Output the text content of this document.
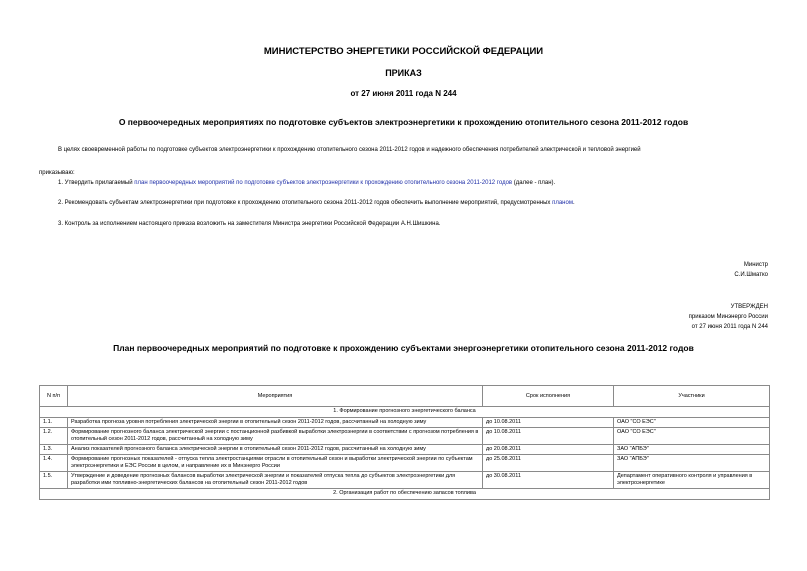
МИНИСТЕРСТВО ЭНЕРГЕТИКИ РОССИЙСКОЙ ФЕДЕРАЦИИ
ПРИКАЗ
от 27 июня 2011 года N 244
О первоочередных мероприятиях по подготовке субъектов электроэнергетики к прохождению отопительного сезона 2011-2012 годов
В целях своевременной работы по подготовке субъектов электроэнергетики к прохождению отопительного сезона 2011-2012 годов и надежного обеспечения потребителей электрической и тепловой энергией
приказываю:
1. Утвердить прилагаемый план первоочередных мероприятий по подготовке субъектов электроэнергетики к прохождению отопительного сезона 2011-2012 годов (далее - план).
2. Рекомендовать субъектам электроэнергетики при подготовке к прохождению отопительного сезона 2011-2012 годов обеспечить выполнение мероприятий, предусмотренных планом.
3. Контроль за исполнением настоящего приказа возложить на заместителя Министра энергетики Российской Федерации А.Н.Шишкина.
Министр
С.И.Шматко
УТВЕРЖДЕН
приказом Минэнерго России
от 27 июня 2011 года N 244
План первоочередных мероприятий по подготовке к прохождению субъектами энергоэнергетики отопительного сезона 2011-2012 годов
N п/п	Мероприятия	Срок исполнения	Участники
1. Формирование прогнозного энергетического баланса			
1.1.	Разработка прогноза уровня потребления электрической энергии в отопительный сезон 2011-2012 годов, рассчитанный на холодную зиму	до 10.08.2011	ОАО "СО ЕЭС"
1.2.	Формирование прогнозного баланса электрической энергии с постанционной разбивкой выработки электроэнергии в соответствии с прогнозом потребления в отопительный сезон 2011-2012 годов, рассчитанный на холодную зиму	до 10.08.2011	ОАО "СО ЕЭС"
1.3.	Анализ показателей прогнозного баланса электрической энергии в отопительный сезон 2011-2012 годов, рассчитанный на холодную зиму	до 20.08.2011	ЗАО "АПБЭ"
1.4.	Формирование прогнозных показателей - отпуска тепла электростанциями отрасли в отопительный сезон и выработки электрической энергии по субъектам электроэнергетики и ЕЭС России в целом, и направление их в Минэнерго России	до 25.08.2011	ЗАО "АПБЭ"
1.5.	Утверждение и доведение прогнозных балансов выработки электрической энергии и показателей отпуска тепла до субъектов электроэнергетики для разработки ими топливно-энергетических балансов на отопительный сезон 2011-2012 годов	до 30.08.2011	Департамент оперативного контроля и управления в электроэнергетике
2. Организация работ по обеспечению запасов топлива			
